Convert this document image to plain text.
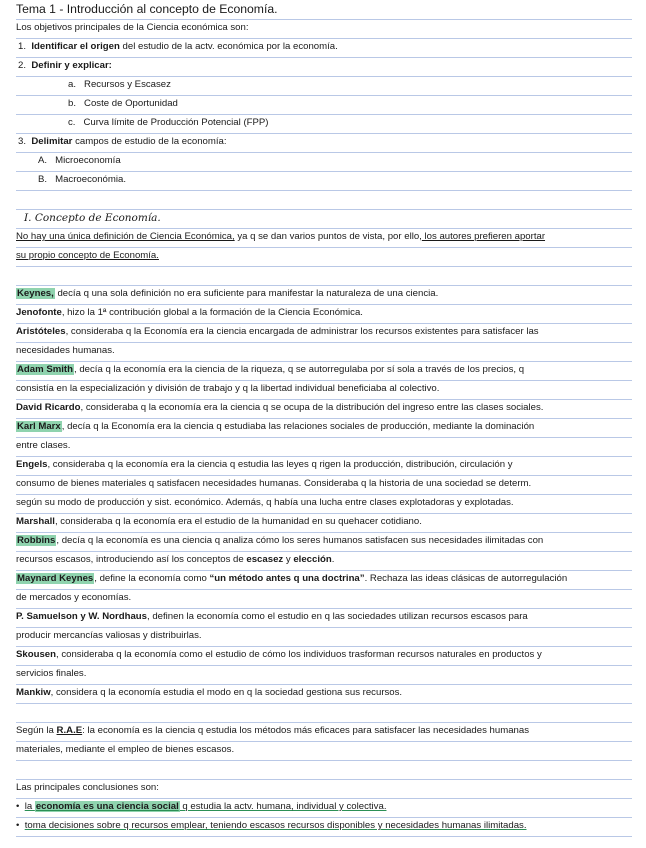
Tema 1 - Introducción al concepto de Economía.
Los objetivos principales de la Ciencia económica son:
1. Identificar el origen del estudio de la actv. económica por la economía.
2. Definir y explicar:
a. Recursos y Escasez
b. Coste de Oportunidad
c. Curva límite de Producción Potencial (FPP)
3. Delimitar campos de estudio de la economía:
A. Microeconomía
B. Macroeconómia.
I. Concepto de Economía.
No hay una única definición de Ciencia Económica, ya q se dan varios puntos de vista, por ello, los autores prefieren aportar
su propio concepto de Economía.
Keynes, decía q una sola definición no era suficiente para manifestar la naturaleza de una ciencia.
Jenofonte, hizo la 1ª contribución global a la formación de la Ciencia Económica.
Aristóteles, consideraba q la Economía era la ciencia encargada de administrar los recursos existentes para satisfacer las
necesidades humanas.
Adam Smith, decía q la economía era la ciencia de la riqueza, q se autorregulaba por sí sola a través de los precios, q
consistía en la especialización y división de trabajo y q la libertad individual beneficiaba al colectivo.
David Ricardo, consideraba q la economía era la ciencia q se ocupa de la distribución del ingreso entre las clases sociales.
Karl Marx, decía q la Economía era la ciencia q estudiaba las relaciones sociales de producción, mediante la dominación
entre clases.
Engels, consideraba q la economía era la ciencia q estudia las leyes q rigen la producción, distribución, circulación y
consumo de bienes materiales q satisfacen necesidades humanas. Consideraba q la historia de una sociedad se determ.
según su modo de producción y sist. económico. Además, q había una lucha entre clases explotadoras y explotadas.
Marshall, consideraba q la economía era el estudio de la humanidad en su quehacer cotidiano.
Robbins, decía q la economía es una ciencia q analiza cómo los seres humanos satisfacen sus necesidades ilimitadas con
recursos escasos, introduciendo así los conceptos de escasez y elección.
Maynard Keynes, define la economía como “un método antes q una doctrina”. Rechaza las ideas clásicas de autorregulación
de mercados y economías.
P. Samuelson y W. Nordhaus, definen la economía como el estudio en q las sociedades utilizan recursos escasos para
producir mercancías valiosas y distribuirlas.
Skousen, consideraba q la economía como el estudio de cómo los individuos trasforman recursos naturales en productos y
servicios finales.
Mankiw, considera q la economía estudia el modo en q la sociedad gestiona sus recursos.
Según la R.A.E: la economía es la ciencia q estudia los métodos más eficaces para satisfacer las necesidades humanas
materiales, mediante el empleo de bienes escasos.
Las principales conclusiones son:
• la economía es una ciencia social q estudia la actv. humana, individual y colectiva.
• toma decisiones sobre q recursos emplear, teniendo escasos recursos disponibles y necesidades humanas ilimitadas.
